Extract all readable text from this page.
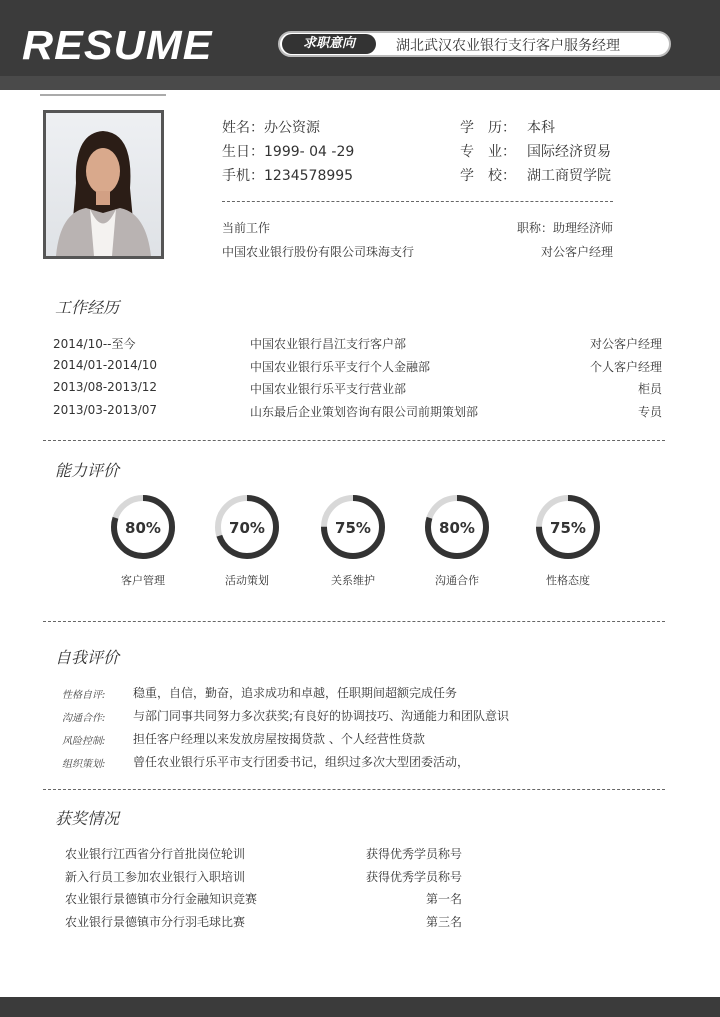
RESUME	求职意向	湖北武汉农业银行支行客户服务经理
姓名：办公资源
生日：1999- 04 -29
手机：1234578995
学　历： 本科
专　业： 国际经济贸易
学　校： 湖工商贸学院
当前工作	职称：助理经济师
中国农业银行股份有限公司珠海支行	对公客户经理
工作经历
2014/10--至今	中国农业银行昌江支行客户部	对公客户经理
2014/01-2014/10	中国农业银行乐平支行个人金融部	个人客户经理
2013/08-2013/12	中国农业银行乐平支行营业部	柜员
2013/03-2013/07	山东最后企业策划咨询有限公司前期策划部	专员
能力评价
80%
客户管理
70%
活动策划
75%
关系维护
80%
沟通合作
75%
性格态度
自我评价
性格自评: 稳重，自信，勤奋，追求成功和卓越，任职期间超额完成任务
沟通合作: 与部门同事共同努力多次获奖;有良好的协调技巧、沟通能力和团队意识
风险控制: 担任客户经理以来发放房屋按揭贷款 、个人经营性贷款
组织策划: 曾任农业银行乐平市支行团委书记，组织过多次大型团委活动，
获奖情况
农业银行江西省分行首批岗位轮训	获得优秀学员称号
新入行员工参加农业银行入职培训	获得优秀学员称号
农业银行景德镇市分行金融知识竞赛	第一名
农业银行景德镇市分行羽毛球比赛	第三名
